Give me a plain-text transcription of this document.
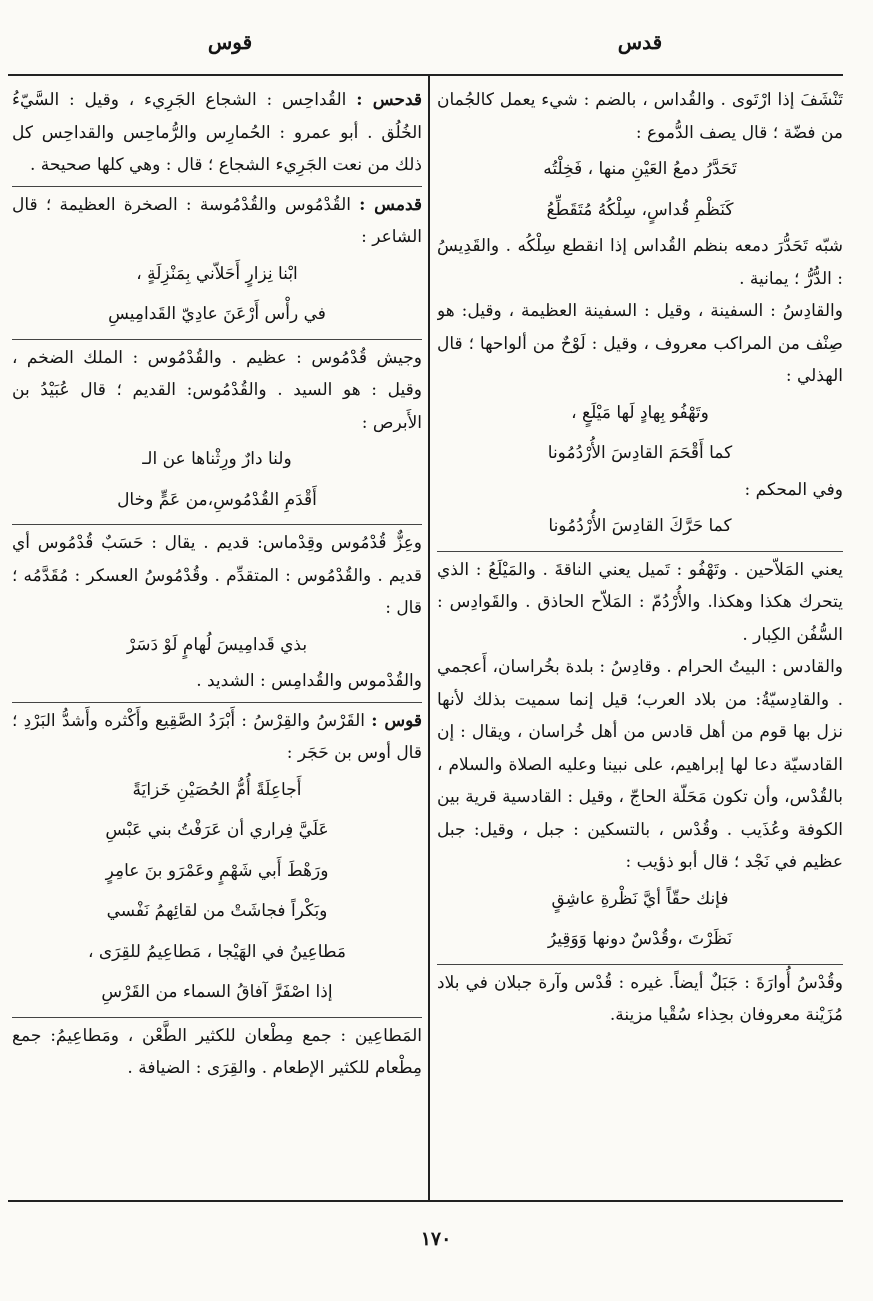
قدس
قوس

تَنْشَفَ إذا ارْتَوى . والقُداس ، بالضم : شيء يعمل كالجُمان من فضّة ؛ قال يصف الدُّموع :

تَحَدَّرُ دمعُ العَيْنِ منها ، فَخِلْتُه

كَنَظْمِ قُداسٍ، سِلْكُهُ مُتَقَطِّعُ

شبّه تَحَدُّرَ دمعه بنظم القُداس إذا انقطع سِلْكُه . والقَدِيسُ : الدُّرُّ ؛ يمانية .

والقادِسُ : السفينة ، وقيل : السفينة العظيمة ، وقيل: هو صِنْف من المراكب معروف ، وقيل : لَوْحٌ من ألواحها ؛ قال الهذلي :

وتَهْفُو بِهادٍ لَها مَيْلَعٍ ،

كما أَقْحَمَ القادِسَ الأُرْدُمُونا

وفي المحكم :

كما حَرَّكَ القادِسَ الأُرْدُمُونا

يعني المَلاّحين . وتَهْفُو : تَميل يعني الناقةَ . والمَيْلَعُ : الذي يتحرك هكذا وهكذا. والأُرْدُمّ : المَلاّح الحاذق . والقَوادِس : السُّفُن الكِبار .

والقادس : البيتُ الحرام . وقادِسُ : بلدة بخُراسان، أَعجمي . والقادِسيّةُ: من بلاد العرب؛ قيل إنما سميت بذلك لأنها نزل بها قوم من أهل قادس من أهل خُراسان ، ويقال : إن القادسيّة دعا لها إبراهيم، على نبينا وعليه الصلاة والسلام ، بالقُدْس، وأن تكون مَحَلّة الحاجّ ، وقيل : القادسية قرية بين الكوفة وعُذَيب . وقُدْس ، بالتسكين : جبل ، وقيل: جبل عظيم في نَجْد ؛ قال أبو ذؤيب :

فإنك حقّاً أيَّ نَظْرةِ عاشِقٍ

نَظَرْتَ ،وقُدْسٌ دونها وَوَقِيرُ

وقُدْسُ أُوارَةَ : جَبَلٌ أيضاً. غيره : قُدْس وآرة جبلان في بلاد مُزَيْنة معروفان بحِذاء سُقْيا مزينة.

قدحس : القُداحِس : الشجاع الجَرِيء ، وقيل : السَّيّءُ الخُلُق . أبو عمرو : الحُمارِس والرُّماحِس والقداحِس كل ذلك من نعت الجَرِيء الشجاع ؛ قال : وهي كلها صحيحة .

قدمس : القُدْمُوس والقُدْمُوسة : الصخرة العظيمة ؛ قال الشاعر :

ابْنا نِزارٍ أَحَلاّني بِمَنْزِلَةٍ ،

في رأْس أَرْعَنَ عادِيّ القَدامِيسِ

وجيش قُدْمُوس : عظيم . والقُدْمُوس : الملك الضخم ، وقيل : هو السيد . والقُدْمُوس: القديم ؛ قال عُبَيْدُ بن الأَبرص :

ولنا دارٌ ورِثْناها عن الـ

أَقْدَمِ القُدْمُوسِ،من عَمٍّ وخال

وعِزٌّ قُدْمُوس وقِدْماس: قديم . يقال : حَسَبٌ قُدْمُوس أي قديم . والقُدْمُوس : المتقدِّم . وقُدْمُوسُ العسكر : مُقَدَّمُه ؛ قال :

بذي قَدامِيسَ لُهامٍ لَوْ دَسَرْ

والقُدْموس والقُدامِس : الشديد .

قوس : القَرْسُ والقِرْسُ : أَبْرَدُ الصَّقِيع وأَكْثره وأَشدُّ البَرْدِ ؛ قال أوس بن حَجَر :

أَجاعِلَةً أُمُّ الحُصَيْنِ خَزايَةً

عَلَيَّ فِراري أن عَرَفْتُ بني عَبْسِ

ورَهْطَ أَبي شَهْمٍ وعَمْرَو بنَ عامِرٍ

وبَكْراً فجاشَتْ من لقائِهمُ نَفْسي

مَطاعِينُ في الهَيْجا ، مَطاعِيمُ للقِرَى ،

إذا اصْفَرَّ آفاقُ السماء من القَرْسِ

المَطاعِين : جمع مِطْعان للكثير الطَّعْن ، ومَطاعِيمُ: جمع مِطْعام للكثير الإطعام . والقِرَى : الضيافة .

١٧٠
